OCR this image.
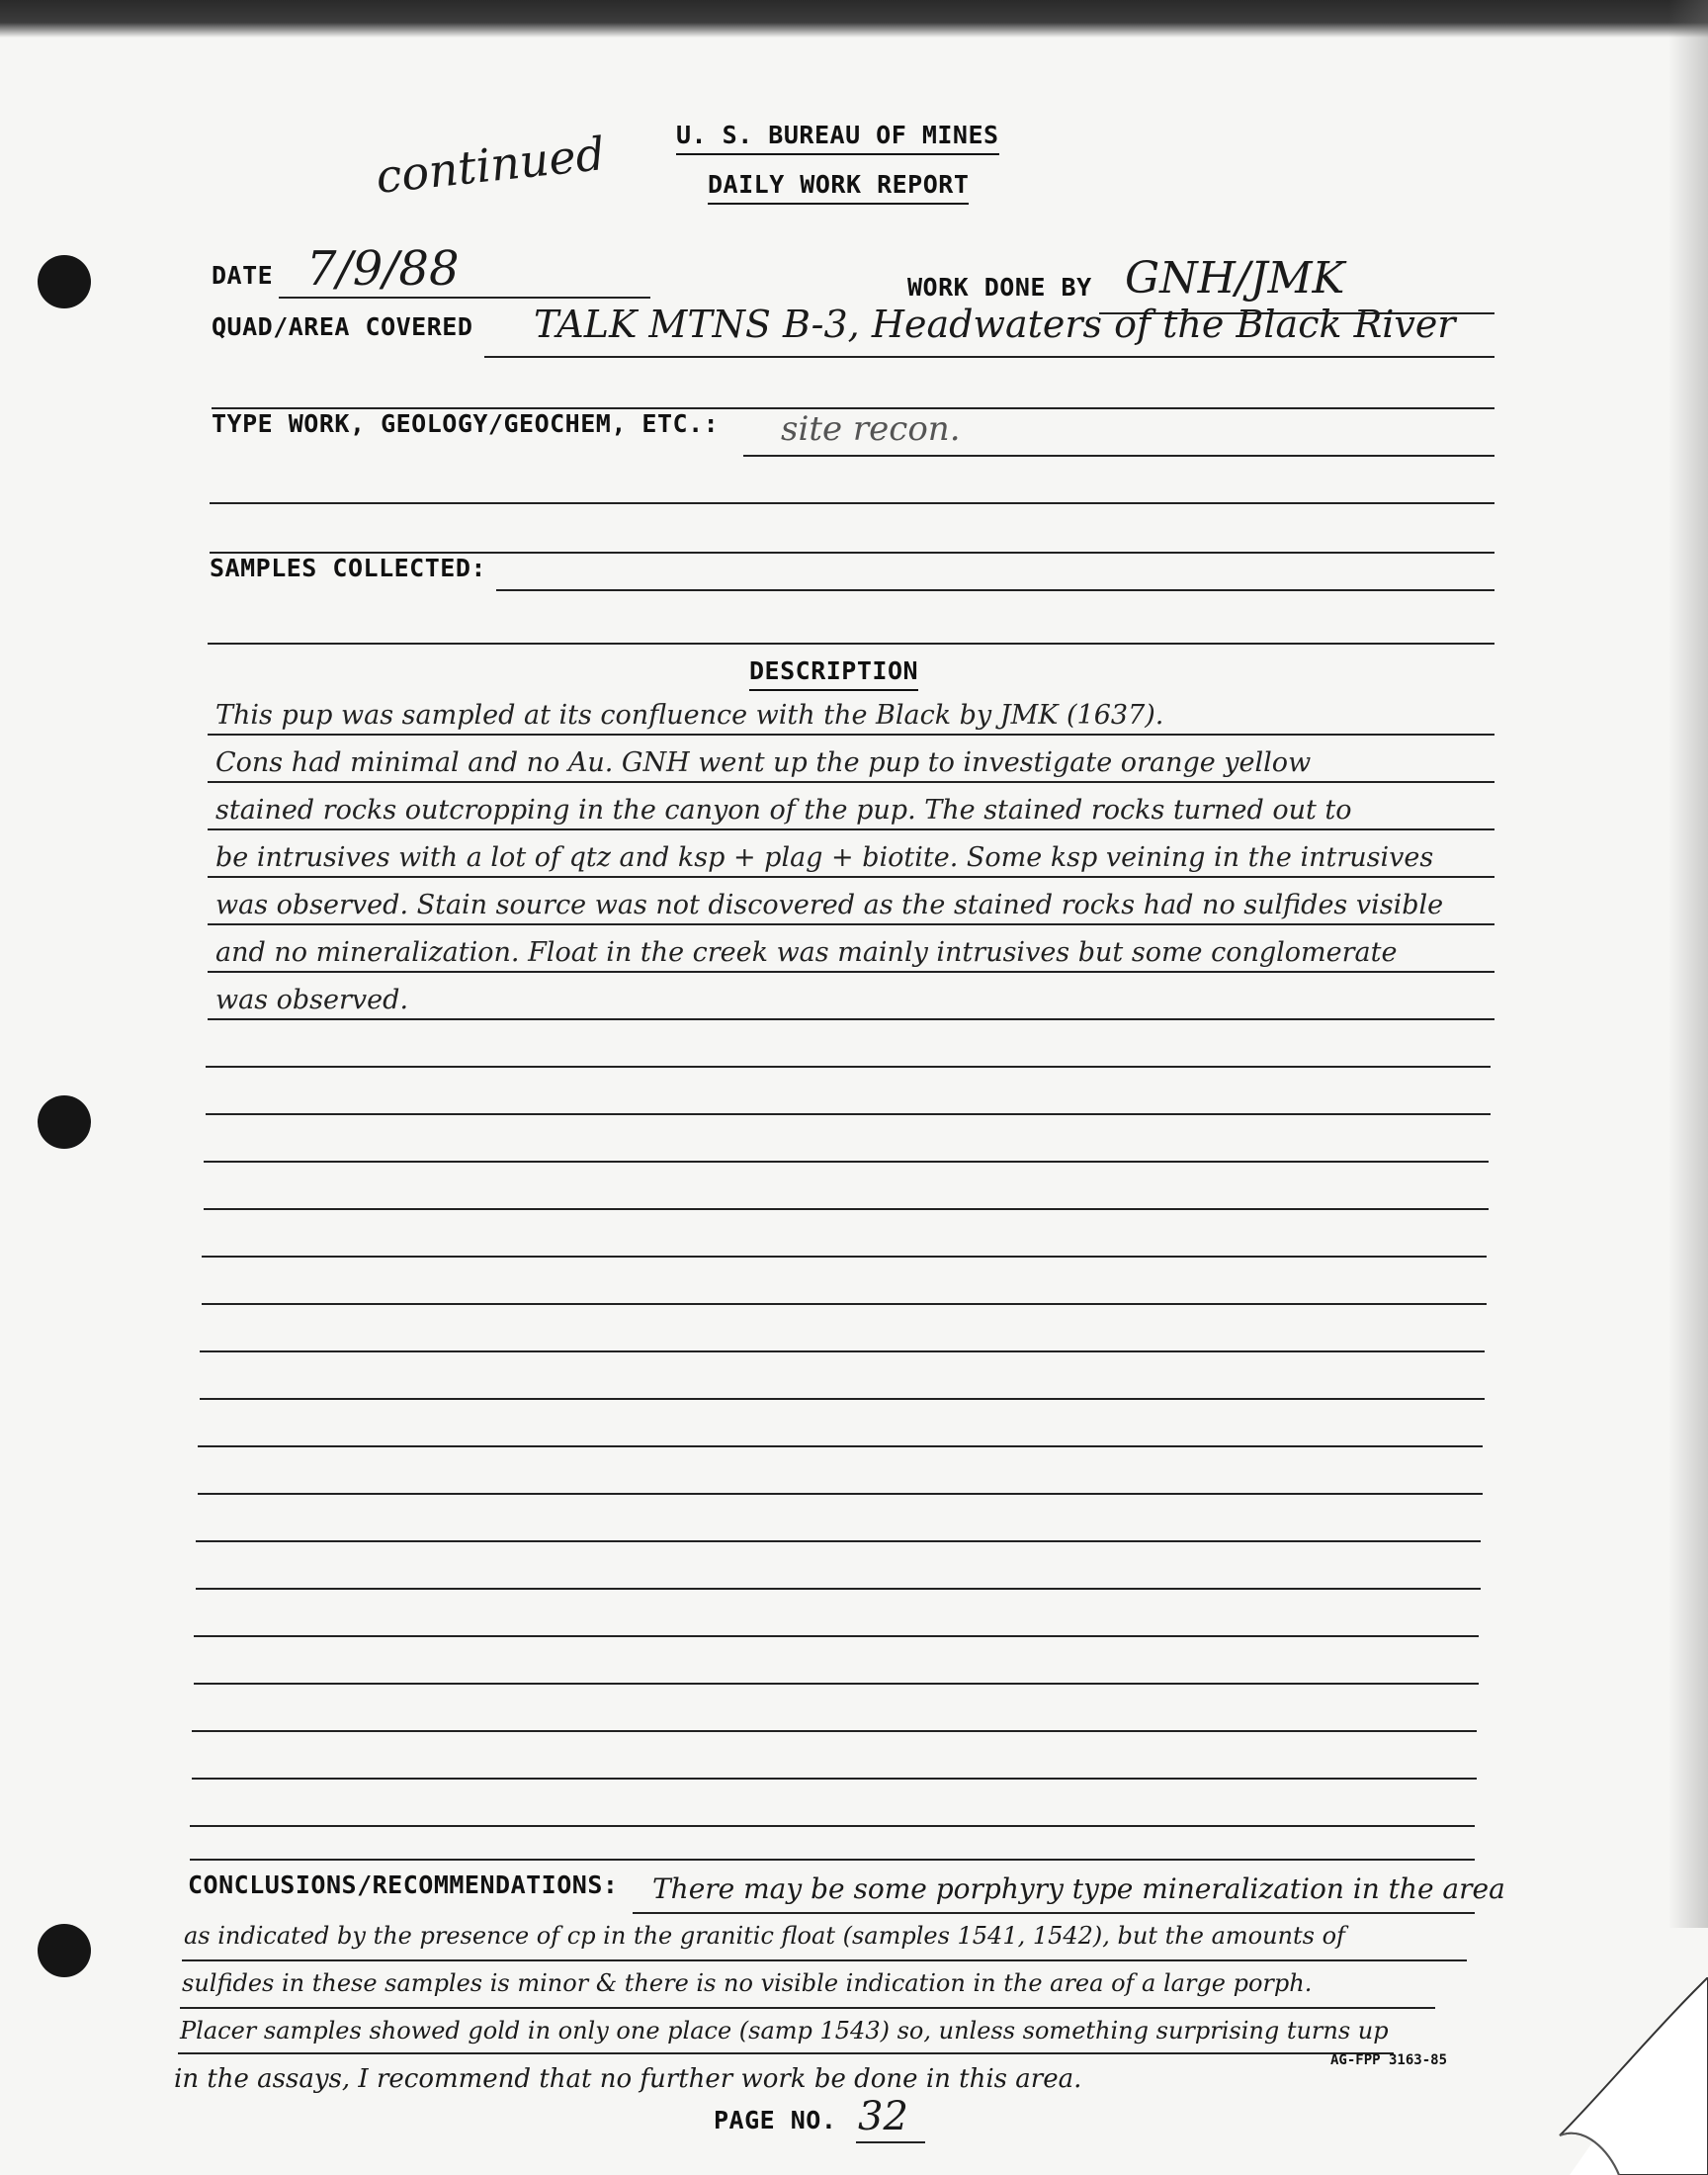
U. S. BUREAU OF MINES
DAILY WORK REPORT
continued
DATE 7/9/88	WORK DONE BY GNH/JMK
QUAD/AREA COVERED TALK MTNS B-3, Headwaters of the Black River
TYPE WORK, GEOLOGY/GEOCHEM, ETC.: site recon.
SAMPLES COLLECTED:
DESCRIPTION
This pup was sampled at its confluence with the Black by JMK (1637).
Cons had minimal and no Au. GNH went up the pup to investigate orange yellow
stained rocks outcropping in the canyon of the pup. The stained rocks turned out to
be intrusives with a lot of qtz and ksp + plag + biotite. Some ksp veining in the intrusives
was observed. Stain source was not discovered as the stained rocks had no sulfides visible
and no mineralization. Float in the creek was mainly intrusives but some conglomerate
was observed.
CONCLUSIONS/RECOMMENDATIONS: There may be some porphyry type mineralization in the area
as indicated by the presence of cp in the granitic float (samples 1541, 1542), but the amounts of
sulfides in these samples is minor & there is no visible indication in the area of a large porph.
Placer samples showed gold in only one place (samp 1543) so, unless something surprising turns up
in the assays, I recommend that no further work be done in this area.
PAGE NO. 32
AG-FPP 3163-85
